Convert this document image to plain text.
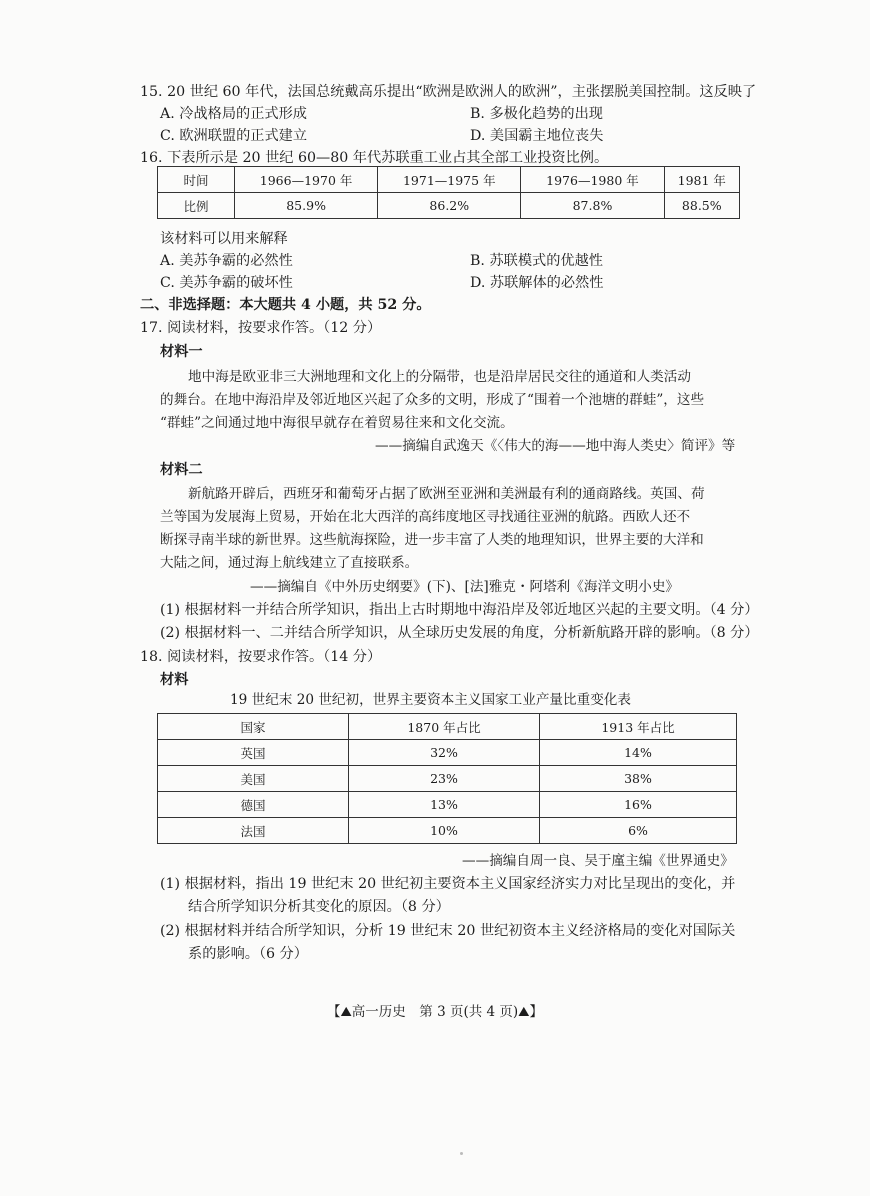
15. 20 世纪 60 年代，法国总统戴高乐提出“欧洲是欧洲人的欧洲”，主张摆脱美国控制。这反映了
A. 冷战格局的正式形成	B. 多极化趋势的出现
C. 欧洲联盟的正式建立	D. 美国霸主地位丧失
16. 下表所示是 20 世纪 60—80 年代苏联重工业占其全部工业投资比例。
时间	1966—1970 年	1971—1975 年	1976—1980 年	1981 年
比例	85.9%	86.2%	87.8%	88.5%
该材料可以用来解释
A. 美苏争霸的必然性	B. 苏联模式的优越性
C. 美苏争霸的破坏性	D. 苏联解体的必然性
二、非选择题：本大题共 4 小题，共 52 分。
17. 阅读材料，按要求作答。（12 分）
材料一
地中海是欧亚非三大洲地理和文化上的分隔带，也是沿岸居民交往的通道和人类活动
的舞台。在地中海沿岸及邻近地区兴起了众多的文明，形成了“围着一个池塘的群蛙”，这些
“群蛙”之间通过地中海很早就存在着贸易往来和文化交流。
——摘编自武逸天《〈伟大的海——地中海人类史〉简评》等
材料二
新航路开辟后，西班牙和葡萄牙占据了欧洲至亚洲和美洲最有利的通商路线。英国、荷
兰等国为发展海上贸易，开始在北大西洋的高纬度地区寻找通往亚洲的航路。西欧人还不
断探寻南半球的新世界。这些航海探险，进一步丰富了人类的地理知识，世界主要的大洋和
大陆之间，通过海上航线建立了直接联系。
——摘编自《中外历史纲要》(下)、[法]雅克・阿塔利《海洋文明小史》
(1) 根据材料一并结合所学知识，指出上古时期地中海沿岸及邻近地区兴起的主要文明。（4 分）
(2) 根据材料一、二并结合所学知识，从全球历史发展的角度，分析新航路开辟的影响。（8 分）
18. 阅读材料，按要求作答。（14 分）
材料
19 世纪末 20 世纪初，世界主要资本主义国家工业产量比重变化表
国家	1870 年占比	1913 年占比
英国	32%	14%
美国	23%	38%
德国	13%	16%
法国	10%	6%
——摘编自周一良、吴于廑主编《世界通史》
(1) 根据材料，指出 19 世纪末 20 世纪初主要资本主义国家经济实力对比呈现出的变化，并
结合所学知识分析其变化的原因。（8 分）
(2) 根据材料并结合所学知识，分析 19 世纪末 20 世纪初资本主义经济格局的变化对国际关
系的影响。（6 分）
【⛰高一历史　第 3 页(共 4 页)⛰】
